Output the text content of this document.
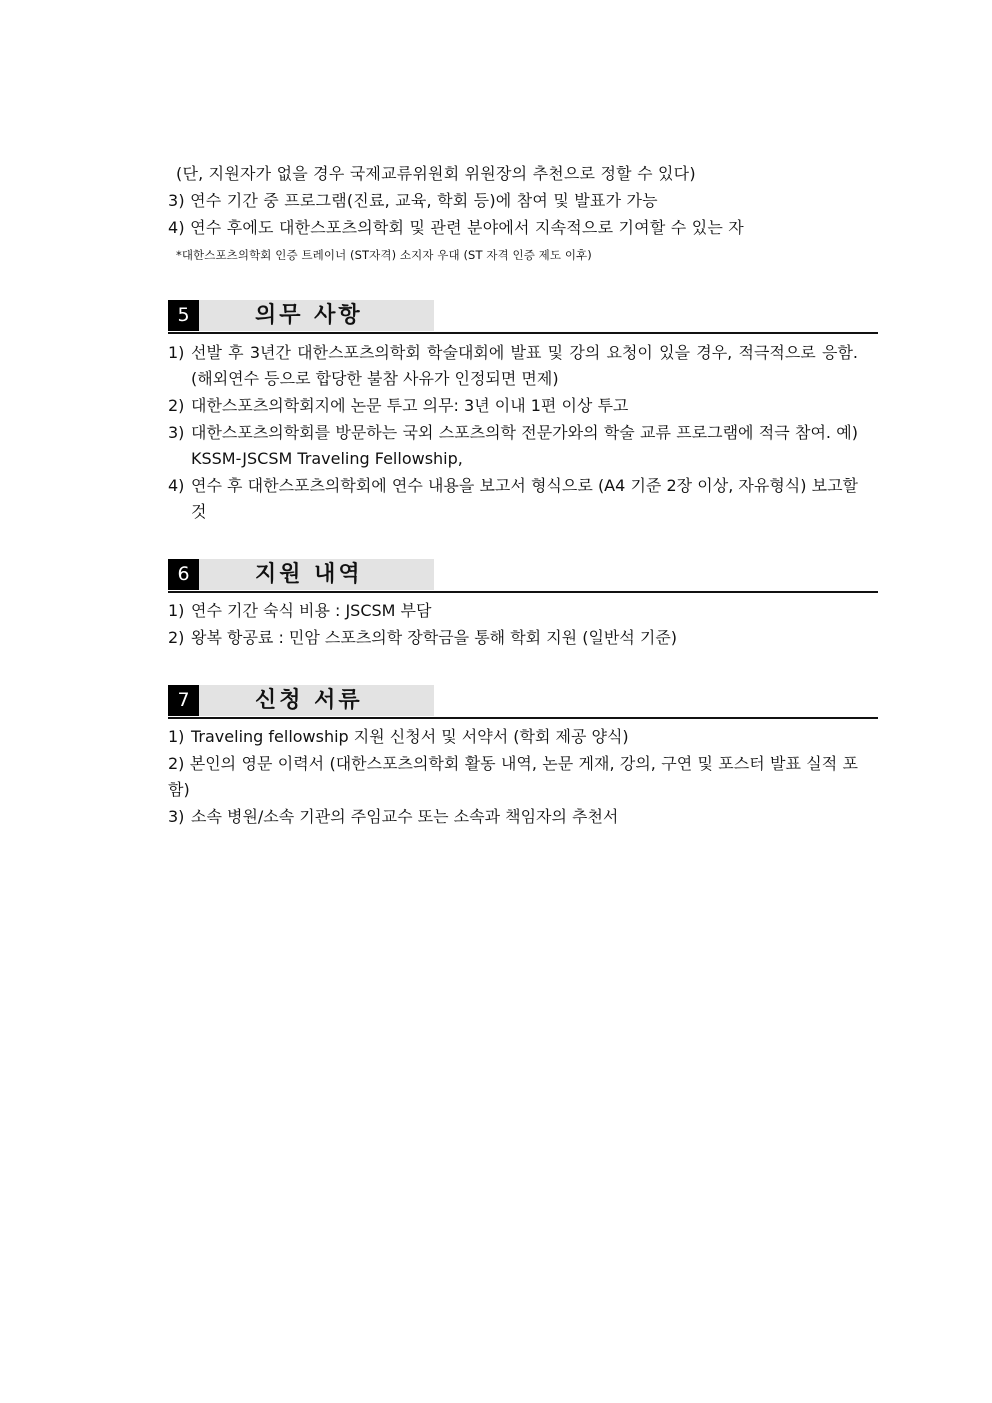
(단, 지원자가 없을 경우 국제교류위원회 위원장의 추천으로 정할 수 있다)
3) 연수 기간 중 프로그램(진료, 교육, 학회 등)에 참여 및 발표가 가능
4) 연수 후에도 대한스포츠의학회 및 관련 분야에서 지속적으로 기여할 수 있는 자
*대한스포츠의학회 인증 트레이너 (ST자격) 소지자 우대 (ST 자격 인증 제도 이후)
5	의무 사항
1) 선발 후 3년간 대한스포츠의학회 학술대회에 발표 및 강의 요청이 있을 경우, 적극적으로 응함.(해외연수 등으로 합당한 불참 사유가 인정되면 면제)
2) 대한스포츠의학회지에 논문 투고 의무: 3년 이내 1편 이상 투고
3) 대한스포츠의학회를 방문하는 국외 스포츠의학 전문가와의 학술 교류 프로그램에 적극 참여. 예) KSSM-JSCSM Traveling Fellowship,
4) 연수 후 대한스포츠의학회에 연수 내용을 보고서 형식으로 (A4 기준 2장 이상, 자유형식) 보고할 것
6	지원 내역
1) 연수 기간 숙식 비용 : JSCSM 부담
2) 왕복 항공료 : 민암 스포츠의학 장학금을 통해 학회 지원 (일반석 기준)
7	신청 서류
1) Traveling fellowship 지원 신청서 및 서약서 (학회 제공 양식)
2) 본인의 영문 이력서 (대한스포츠의학회 활동 내역, 논문 게재, 강의, 구연 및 포스터 발표 실적 포함)
3) 소속 병원/소속 기관의 주임교수 또는 소속과 책임자의 추천서
